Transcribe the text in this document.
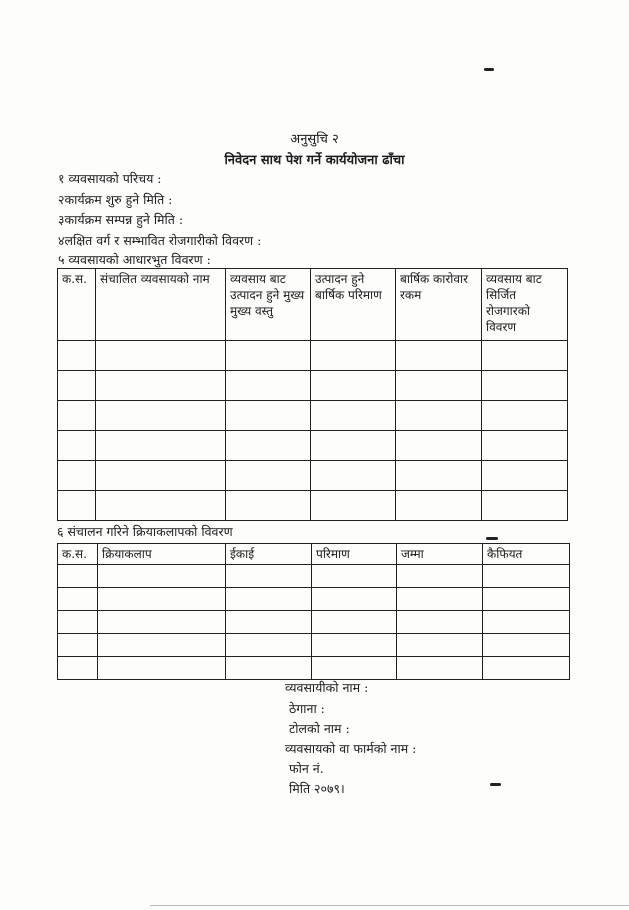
अनुसुचि २
निवेदन साथ पेश गर्ने कार्ययोजना ढाँचा
१ व्यवसायको परिचय :
२कार्यक्रम शुरु हुने मिति :
३कार्यक्रम सम्पन्न हुने मिति :
४लक्षित वर्ग र सम्भावित रोजगारीको विवरण :
५ व्यवसायको आधारभुत विवरण :
क.स.	संचालित व्यवसायको नाम	व्यवसाय बाट उत्पादन हुने मुख्य मुख्य वस्तु	उत्पादन हुने बार्षिक परिमाण	बार्षिक कारोवार रकम	व्यवसाय बाट सिर्जित रोजगारको विवरण

६ संचालन गरिने क्रियाकलापको विवरण
क.स.	क्रियाकलाप	ईकाई	परिमाण	जम्मा	कैफियत

व्यवसायीको नाम :
ठेगाना :
टोलको नाम :
व्यवसायको वा फार्मको नाम :
फोन नं.
मिति २०७९।
